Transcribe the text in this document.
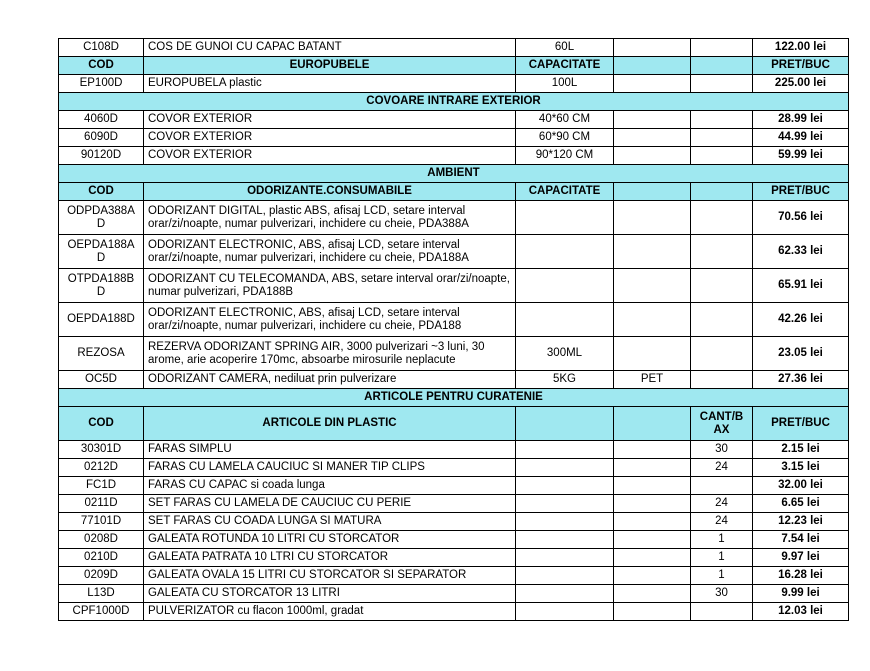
C108D	COS DE GUNOI CU CAPAC BATANT	60L			122.00 lei
COD	EUROPUBELE	CAPACITATE			PRET/BUC
EP100D	EUROPUBELA plastic	100L			225.00 lei
COVOARE INTRARE EXTERIOR					
4060D	COVOR EXTERIOR	40*60 CM			28.99 lei
6090D	COVOR EXTERIOR	60*90 CM			44.99 lei
90120D	COVOR EXTERIOR	90*120 CM			59.99 lei
AMBIENT					
COD	ODORIZANTE.CONSUMABILE	CAPACITATE			PRET/BUC
ODPDA388A D	ODORIZANT DIGITAL, plastic ABS, afisaj LCD, setare interval orar/zi/noapte, numar pulverizari, inchidere cu cheie, PDA388A				70.56 lei
OEPDA188A D	ODORIZANT ELECTRONIC, ABS, afisaj LCD, setare interval orar/zi/noapte, numar pulverizari, inchidere cu cheie, PDA188A				62.33 lei
OTPDA188B D	ODORIZANT CU TELECOMANDA, ABS, setare interval orar/zi/noapte, numar pulverizari, PDA188B				65.91 lei
OEPDA188D	ODORIZANT ELECTRONIC, ABS, afisaj LCD, setare interval orar/zi/noapte, numar pulverizari, inchidere cu cheie, PDA188				42.26 lei
REZOSA	REZERVA ODORIZANT SPRING AIR, 3000 pulverizari ~3 luni, 30 arome, arie acoperire 170mc, absoarbe mirosurile neplacute	300ML			23.05 lei
OC5D	ODORIZANT CAMERA, nediluat prin pulverizare	5KG	PET		27.36 lei
ARTICOLE PENTRU CURATENIE					
COD	ARTICOLE DIN PLASTIC			CANT/B AX	PRET/BUC
30301D	FARAS SIMPLU			30	2.15 lei
0212D	FARAS CU LAMELA CAUCIUC SI MANER TIP CLIPS			24	3.15 lei
FC1D	FARAS CU CAPAC si coada lunga				32.00 lei
0211D	SET FARAS CU LAMELA DE CAUCIUC CU PERIE			24	6.65 lei
77101D	SET FARAS CU COADA LUNGA SI MATURA			24	12.23 lei
0208D	GALEATA ROTUNDA 10 LITRI CU STORCATOR			1	7.54 lei
0210D	GALEATA PATRATA 10 LTRI CU STORCATOR			1	9.97 lei
0209D	GALEATA OVALA 15 LITRI CU STORCATOR SI SEPARATOR			1	16.28 lei
L13D	GALEATA CU STORCATOR 13 LITRI			30	9.99 lei
CPF1000D	PULVERIZATOR cu flacon 1000ml, gradat				12.03 lei
